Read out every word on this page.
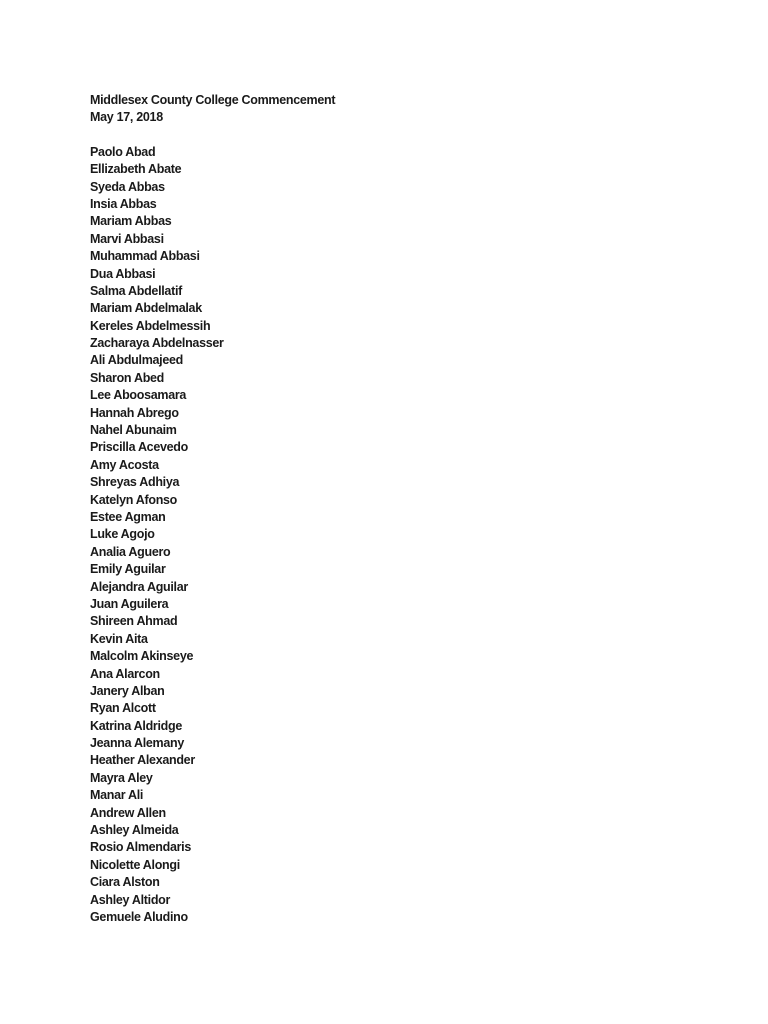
Middlesex County College Commencement
May 17, 2018
Paolo Abad
Ellizabeth Abate
Syeda Abbas
Insia Abbas
Mariam Abbas
Marvi Abbasi
Muhammad Abbasi
Dua Abbasi
Salma Abdellatif
Mariam Abdelmalak
Kereles Abdelmessih
Zacharaya Abdelnasser
Ali Abdulmajeed
Sharon Abed
Lee Aboosamara
Hannah Abrego
Nahel Abunaim
Priscilla Acevedo
Amy Acosta
Shreyas Adhiya
Katelyn Afonso
Estee Agman
Luke Agojo
Analia Aguero
Emily Aguilar
Alejandra Aguilar
Juan Aguilera
Shireen Ahmad
Kevin Aita
Malcolm Akinseye
Ana Alarcon
Janery Alban
Ryan Alcott
Katrina Aldridge
Jeanna Alemany
Heather Alexander
Mayra Aley
Manar Ali
Andrew Allen
Ashley Almeida
Rosio Almendaris
Nicolette Alongi
Ciara Alston
Ashley Altidor
Gemuele Aludino
